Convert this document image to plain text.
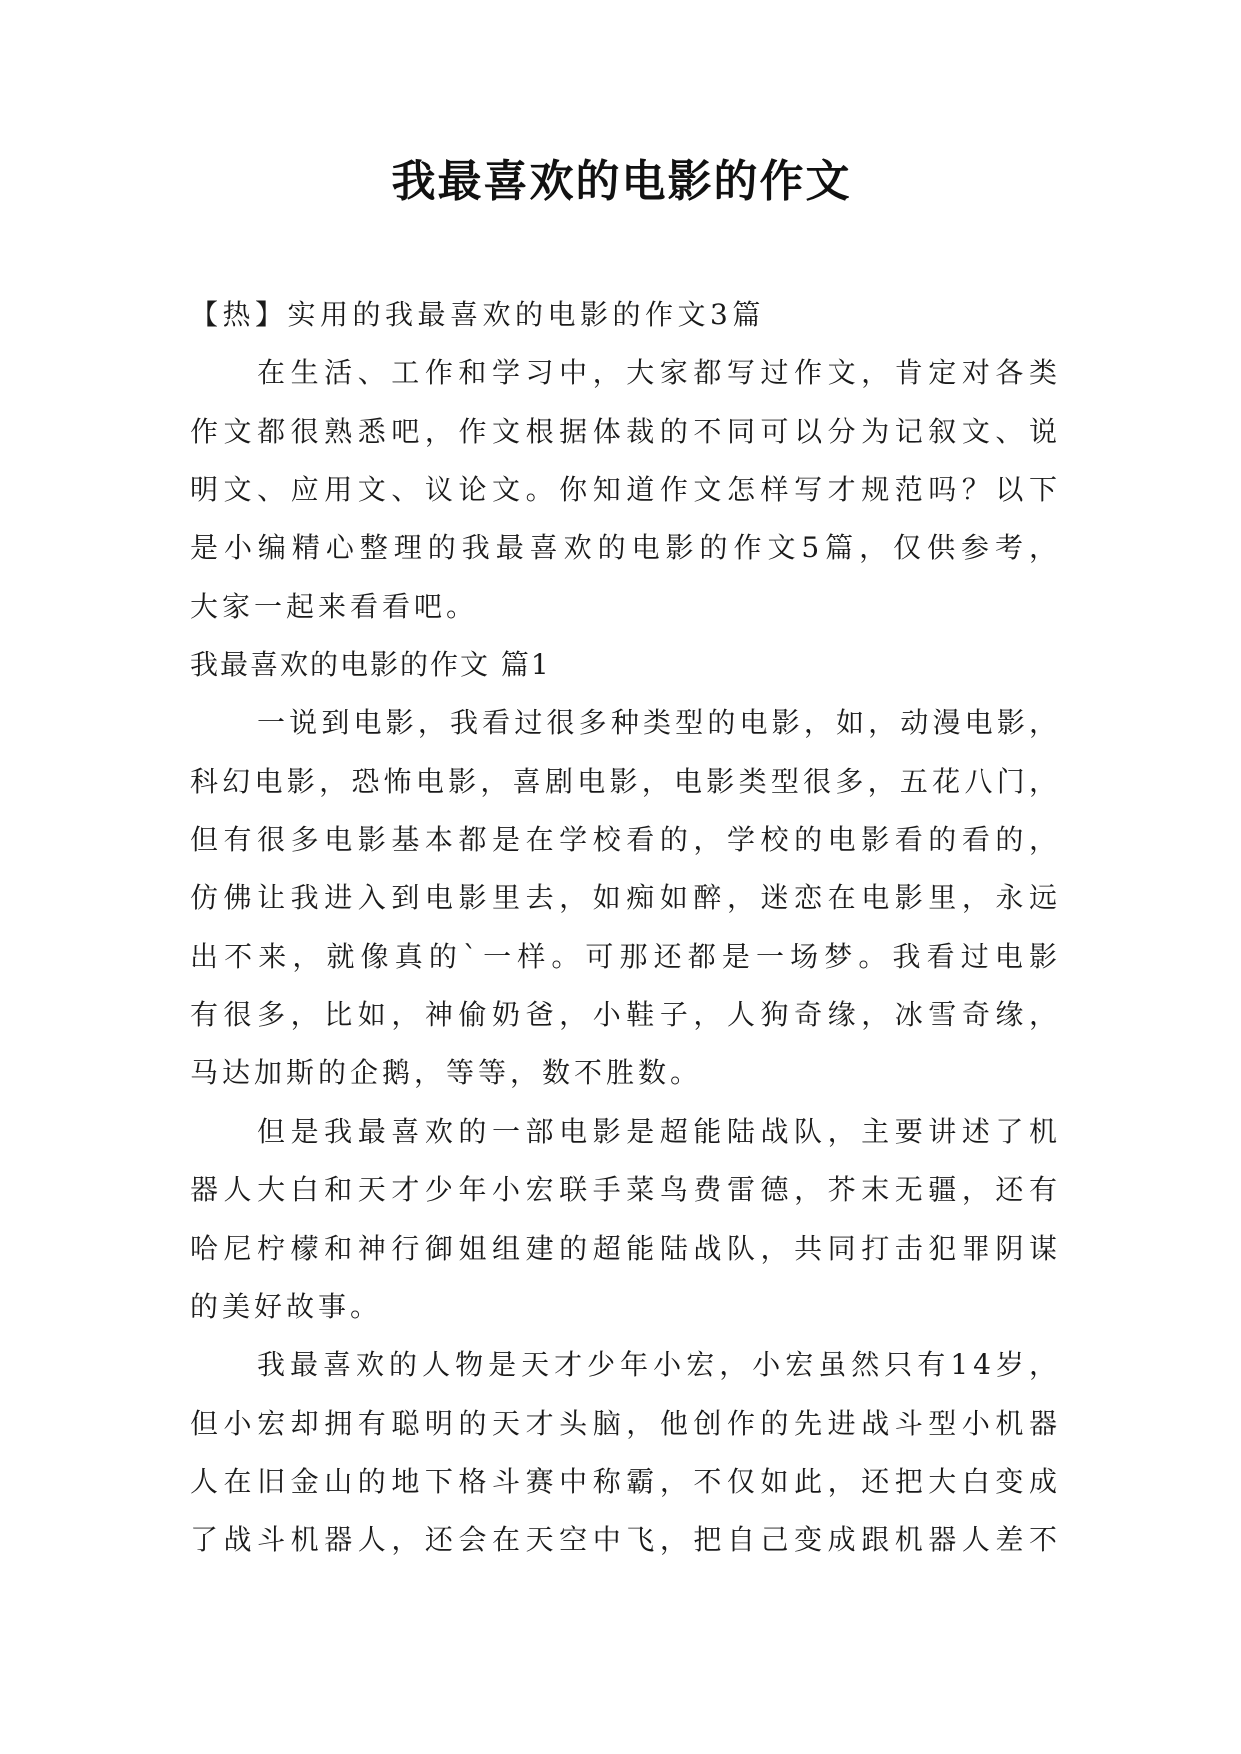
我最喜欢的电影的作文
【热】实用的我最喜欢的电影的作文3篇
在生活、工作和学习中，大家都写过作文，肯定对各类
作文都很熟悉吧，作文根据体裁的不同可以分为记叙文、说
明文、应用文、议论文。你知道作文怎样写才规范吗？以下
是小编精心整理的我最喜欢的电影的作文5篇，仅供参考，
大家一起来看看吧。
我最喜欢的电影的作文 篇1
一说到电影，我看过很多种类型的电影，如，动漫电影，
科幻电影，恐怖电影，喜剧电影，电影类型很多，五花八门，
但有很多电影基本都是在学校看的，学校的电影看的看的，
仿佛让我进入到电影里去，如痴如醉，迷恋在电影里，永远
出不来，就像真的`一样。可那还都是一场梦。我看过电影
有很多，比如，神偷奶爸，小鞋子，人狗奇缘，冰雪奇缘，
马达加斯的企鹅，等等，数不胜数。
但是我最喜欢的一部电影是超能陆战队，主要讲述了机
器人大白和天才少年小宏联手菜鸟费雷德，芥末无疆，还有
哈尼柠檬和神行御姐组建的超能陆战队，共同打击犯罪阴谋
的美好故事。
我最喜欢的人物是天才少年小宏，小宏虽然只有14岁，
但小宏却拥有聪明的天才头脑，他创作的先进战斗型小机器
人在旧金山的地下格斗赛中称霸，不仅如此，还把大白变成
了战斗机器人，还会在天空中飞，把自己变成跟机器人差不
